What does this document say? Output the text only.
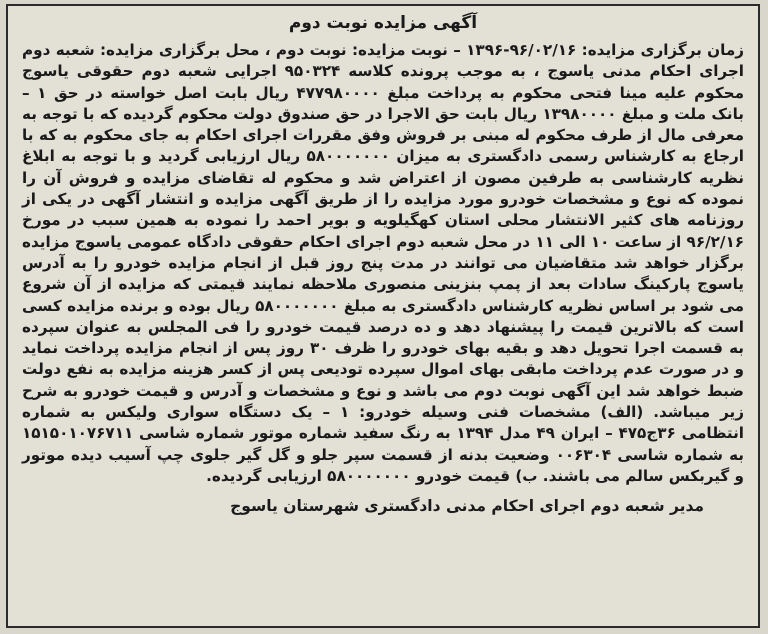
آگهی مزایده نوبت دوم

زمان برگزاری مزایده: ۹۶/۰۲/۱۶-۱۳۹۶ – نوبت مزایده: نوبت دوم ، محل برگزاری مزایده: شعبه دوم اجرای احکام مدنی یاسوج ، به موجب پرونده کلاسه ۹۵۰۳۲۴ اجرایی شعبه دوم حقوقی یاسوج محکوم علیه مینا فتحی محکوم به پرداخت مبلغ ۴۷۷۹۸۰۰۰۰ ریال بابت اصل خواسته در حق ۱ – بانک ملت و مبلغ ۱۳۹۸۰۰۰۰ ریال بابت حق الاجرا در حق صندوق دولت محکوم گردیده که با توجه به معرفی مال از طرف محکوم له مبنی بر فروش وفق مقررات اجرای احکام به جای محکوم به که با ارجاع به کارشناس رسمی دادگستری به میزان ۵۸۰۰۰۰۰۰۰ ریال ارزیابی گردید و با توجه به ابلاغ نظریه کارشناسی به طرفین مصون از اعتراض شد و محکوم له تقاضای مزایده و فروش آن را نموده که نوع و مشخصات خودرو مورد مزایده را از طریق آگهی مزایده و انتشار آگهی در یکی از روزنامه های کثیر الانتشار محلی استان کهگیلویه و بویر احمد را نموده به همین سبب در مورخ ۹۶/۲/۱۶ از ساعت ۱۰ الی ۱۱ در محل شعبه دوم اجرای احکام حقوقی دادگاه عمومی یاسوج مزایده برگزار خواهد شد متقاضیان می توانند در مدت پنج روز قبل از انجام مزایده خودرو را به آدرس یاسوج پارکینگ سادات بعد از پمپ بنزینی منصوری ملاحظه نمایند قیمتی که مزایده از آن شروع می شود بر اساس نظریه کارشناس دادگستری به مبلغ ۵۸۰۰۰۰۰۰۰ ریال بوده و برنده مزایده کسی است که بالاترین قیمت را پیشنهاد دهد و ده درصد قیمت خودرو را فی المجلس به عنوان سپرده به قسمت اجرا تحویل دهد و بقیه بهای خودرو را ظرف ۳۰ روز پس از انجام مزایده پرداخت نماید و در صورت عدم پرداخت مابقی بهای اموال سپرده تودیعی پس از کسر هزینه مزایده به نفع دولت ضبط خواهد شد این آگهی نوبت دوم می باشد و نوع و مشخصات و آدرس و قیمت خودرو به شرح زیر میباشد. (الف) مشخصات فنی وسیله خودرو: ۱ – یک دستگاه سواری ولیکس به شماره انتظامی ۳۶ج۴۷۵ – ایران ۴۹ مدل ۱۳۹۴ به رنگ سفید شماره موتور شماره شاسی ۱۵۱۵۰۱۰۷۶۷۱۱ به شماره شاسی ۰۰۶۳۰۴ وضعیت بدنه از قسمت سپر جلو و گل گیر جلوی چپ آسیب دیده موتور و گیربکس سالم می باشند. ب) قیمت خودرو ۵۸۰۰۰۰۰۰۰ ارزیابی گردیده.

مدیر شعبه دوم اجرای احکام مدنی دادگستری شهرستان یاسوج
